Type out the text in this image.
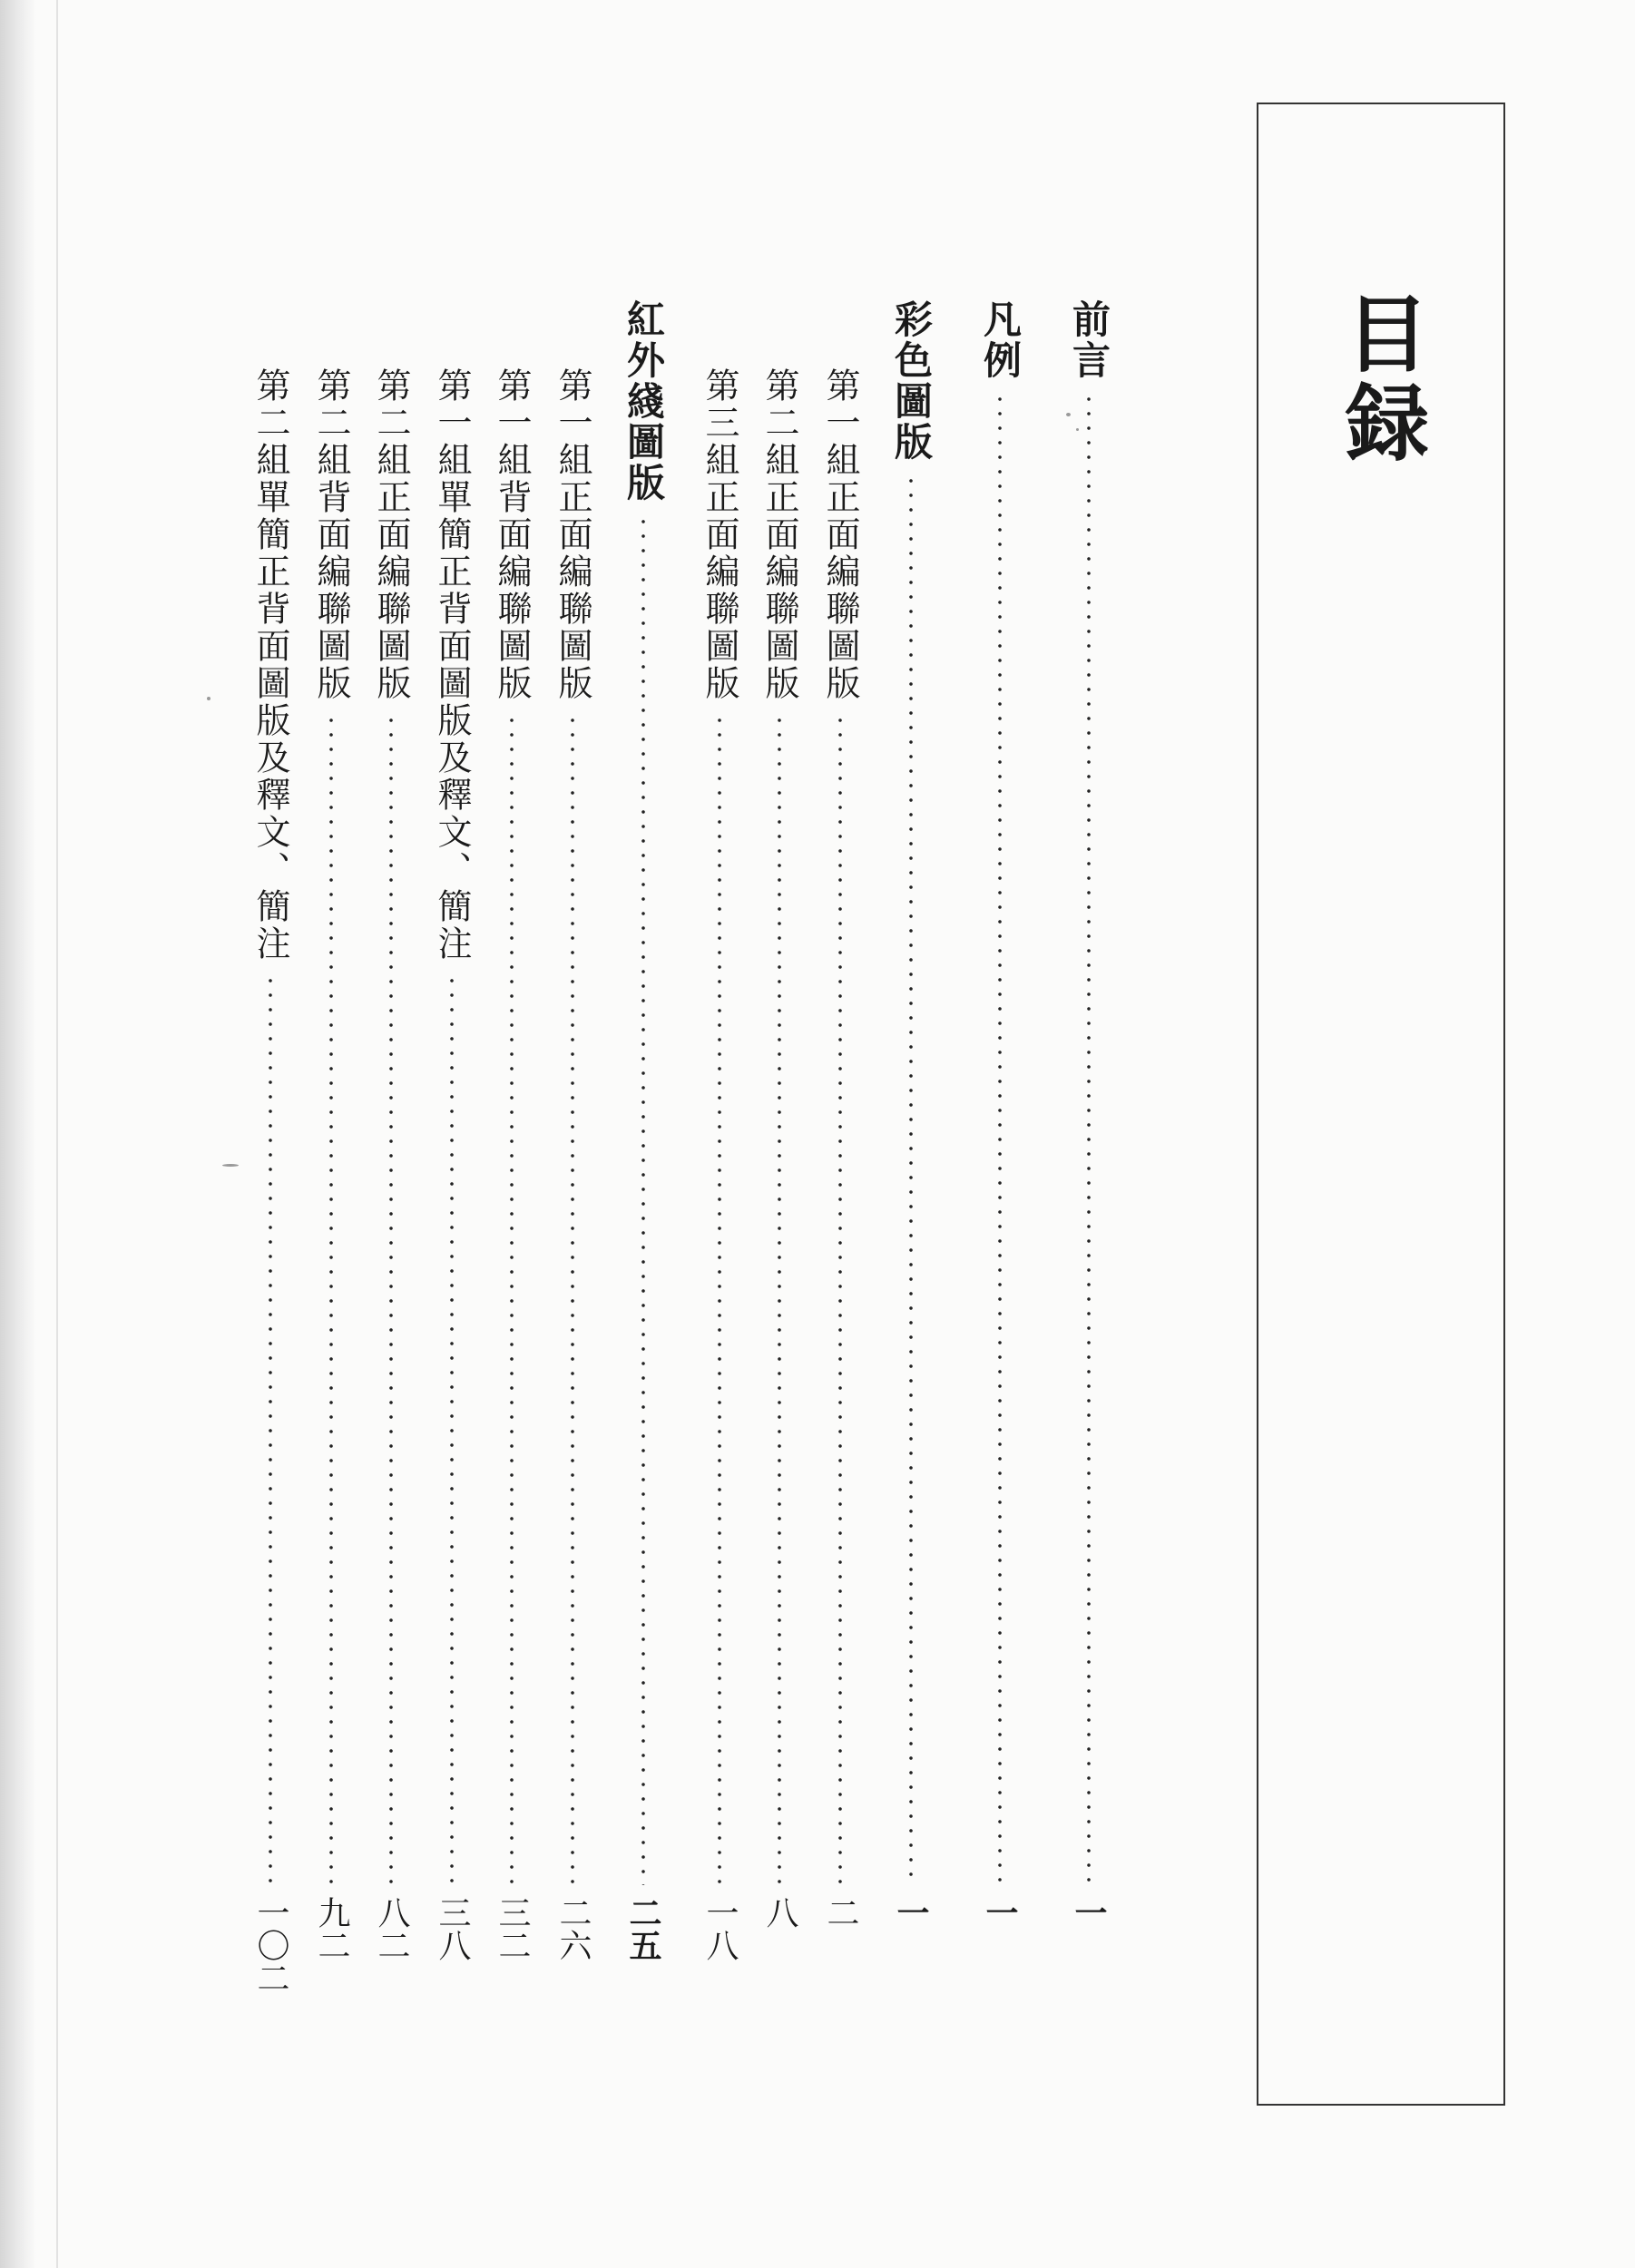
目録
前言
一
凡例
一
彩色圖版
一
第一組正面編聯圖版
二
第二組正面編聯圖版
八
第三組正面編聯圖版
一八
紅外綫圖版
二五
第一組正面編聯圖版
二六
第一組背面編聯圖版
三二
第一組單簡正背面圖版及釋文、簡注
三八
第二組正面編聯圖版
八二
第二組背面編聯圖版
九二
第二組單簡正背面圖版及釋文、簡注
一〇二
